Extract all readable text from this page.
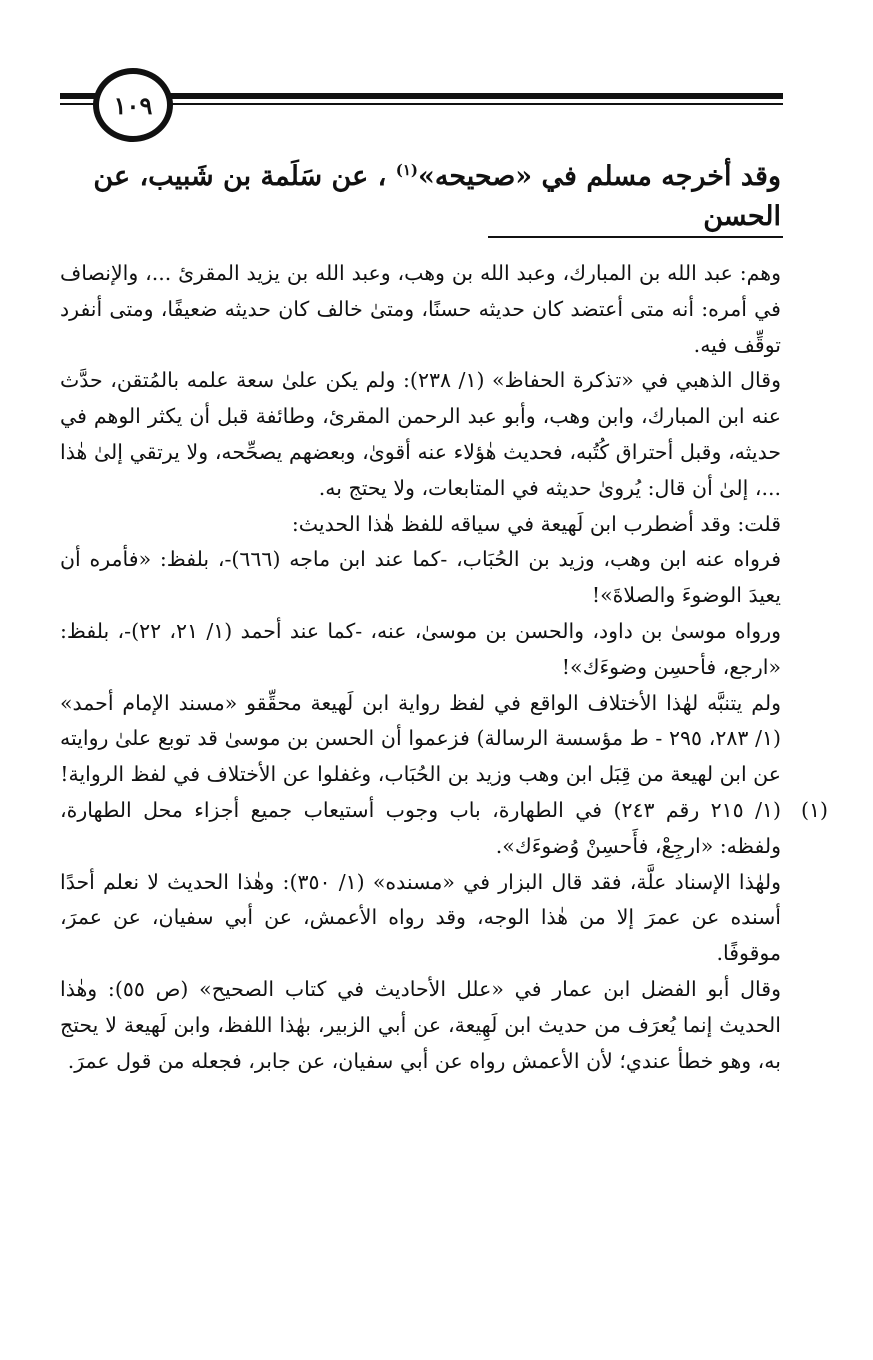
١٠٩

وقد أخرجه مسلم في «صحيحه»$^{(١)}$ ، عن سَلَمة بن شَبيب، عن الحسن

وهم: عبد الله بن المبارك، وعبد الله بن وهب، وعبد الله بن يزيد المقرئ ...، والإنصاف في أمره: أنه متى أعتضد كان حديثه حسنًا، ومتىٰ خالف كان حديثه ضعيفًا، ومتى أنفرد توقِّف فيه.

وقال الذهبي في «تذكرة الحفاظ» (١/ ٢٣٨): ولم يكن علىٰ سعة علمه بالمُتقن، حدَّث عنه ابن المبارك، وابن وهب، وأبو عبد الرحمن المقرئ، وطائفة قبل أن يكثر الوهم في حديثه، وقبل أحتراق كُتُبه، فحديث هٰؤلاء عنه أقوىٰ، وبعضهم يصحِّحه، ولا يرتقي إلىٰ هٰذا ...، إلىٰ أن قال: يُروىٰ حديثه في المتابعات، ولا يحتج به.

قلت: وقد أضطرب ابن لَهيعة في سياقه للفظ هٰذا الحديث:

فرواه عنه ابن وهب، وزيد بن الحُبَاب، -كما عند ابن ماجه (٦٦٦)-، بلفظ: «فأمره أن يعيدَ الوضوءَ والصلاةَ»!

ورواه موسىٰ بن داود، والحسن بن موسىٰ، عنه، -كما عند أحمد (١/ ٢١، ٢٢)-، بلفظ: «ارجع، فأحسِن وضوءَك»!

ولم يتنبَّه لهٰذا الأختلاف الواقع في لفظ رواية ابن لَهيعة محقِّقو «مسند الإمام أحمد» (١/ ٢٨٣، ٢٩٥ - ط مؤسسة الرسالة) فزعموا أن الحسن بن موسىٰ قد توبع علىٰ روايته عن ابن لهيعة من قِبَل ابن وهب وزيد بن الحُبَاب، وغفلوا عن الأختلاف في لفظ الرواية!

(١)

(١/ ٢١٥ رقم ٢٤٣) في الطهارة، باب وجوب أستيعاب جميع أجزاء محل الطهارة، ولفظه: «ارجِعْ، فأَحسِنْ وُضوءَك».

ولهٰذا الإسناد علَّة، فقد قال البزار في «مسنده» (١/ ٣٥٠): وهٰذا الحديث لا نعلم أحدًا أسنده عن عمرَ إلا من هٰذا الوجه، وقد رواه الأعمش، عن أبي سفيان، عن عمرَ، موقوفًا.

وقال أبو الفضل ابن عمار في «علل الأحاديث في كتاب الصحيح» (ص ٥٥): وهٰذا الحديث إنما يُعرَف من حديث ابن لَهِيعة، عن أبي الزبير، بهٰذا اللفظ، وابن لَهيعة لا يحتج به، وهو خطأ عندي؛ لأن الأعمش رواه عن أبي سفيان، عن جابر، فجعله من قول عمرَ.
